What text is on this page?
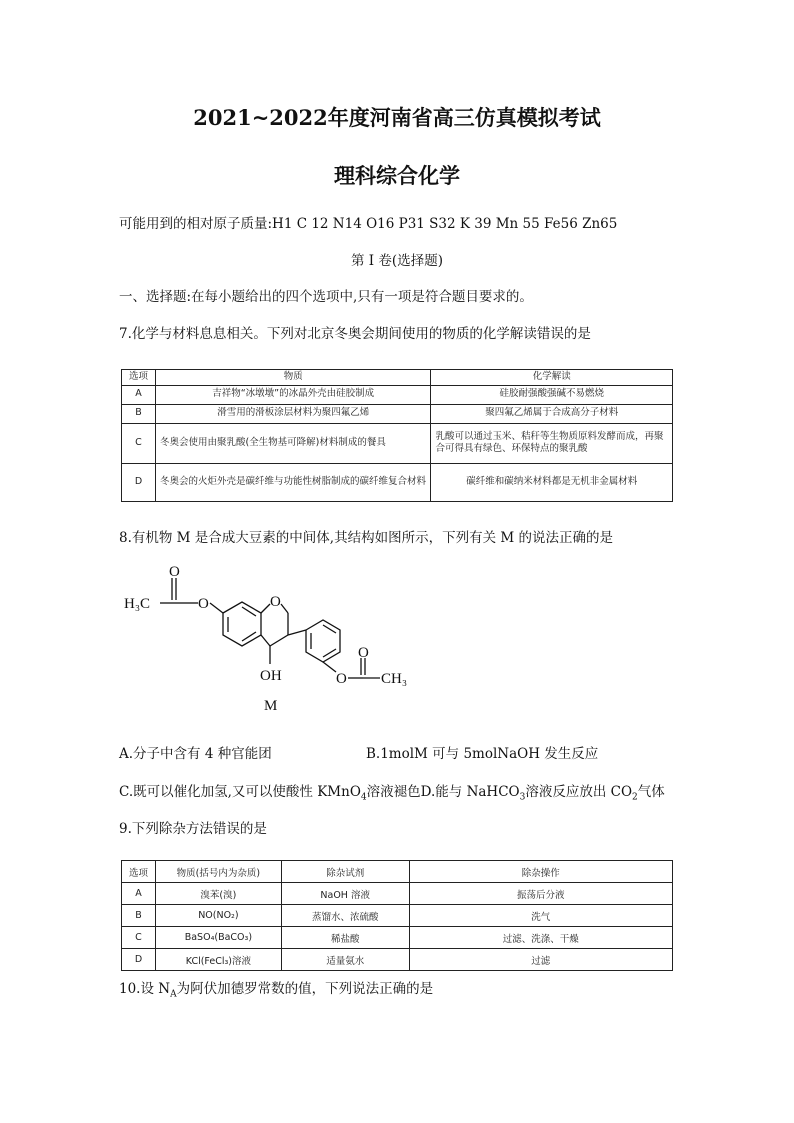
2021~2022年度河南省高三仿真模拟考试
理科综合化学
可能用到的相对原子质量:H1 C 12 N14 O16 P31 S32 K 39 Mn 55 Fe56 Zn65
第 I 卷(选择题)
一、选择题:在每小题给出的四个选项中,只有一项是符合题目要求的。
7.化学与材料息息相关。下列对北京冬奥会期间使用的物质的化学解读错误的是
选项	物质	化学解读
A	吉祥物“冰墩墩”的冰晶外壳由硅胶制成	硅胶耐强酸强碱不易燃烧
B	滑雪用的滑板涂层材料为聚四氟乙烯	聚四氟乙烯属于合成高分子材料
C	冬奥会使用由聚乳酸(全生物基可降解)材料制成的餐具	乳酸可以通过玉米、秸秆等生物质原料发酵而成，再聚合可得具有绿色、环保特点的聚乳酸
D	冬奥会的火炬外壳是碳纤维与功能性树脂制成的碳纤维复合材料	碳纤维和碳纳米材料都是无机非金属材料
8.有机物 M 是合成大豆素的中间体,其结构如图所示，下列有关 M 的说法正确的是
H₃C
O
O	O
OH	O
O
CH₃
M
A.分子中含有 4 种官能团	B.1molM 可与 5molNaOH 发生反应
C.既可以催化加氢,又可以使酸性 KMnO$_4$溶液褪色D.能与 NaHCO$_3$溶液反应放出 $CO_2$气体
9.下列除杂方法错误的是
选项	物质(括号内为杂质)	除杂试剂	除杂操作
A	溴苯(溴)	NaOH 溶液	振荡后分液
B	NO(NO₂)	蒸馏水、浓硫酸	洗气
C	BaSO₄(BaCO₃)	稀盐酸	过滤、洗涤、干燥
D	KCl(FeCl₃)溶液	适量氨水	过滤
10.设 $N_A$为阿伏加德罗常数的值，下列说法正确的是
